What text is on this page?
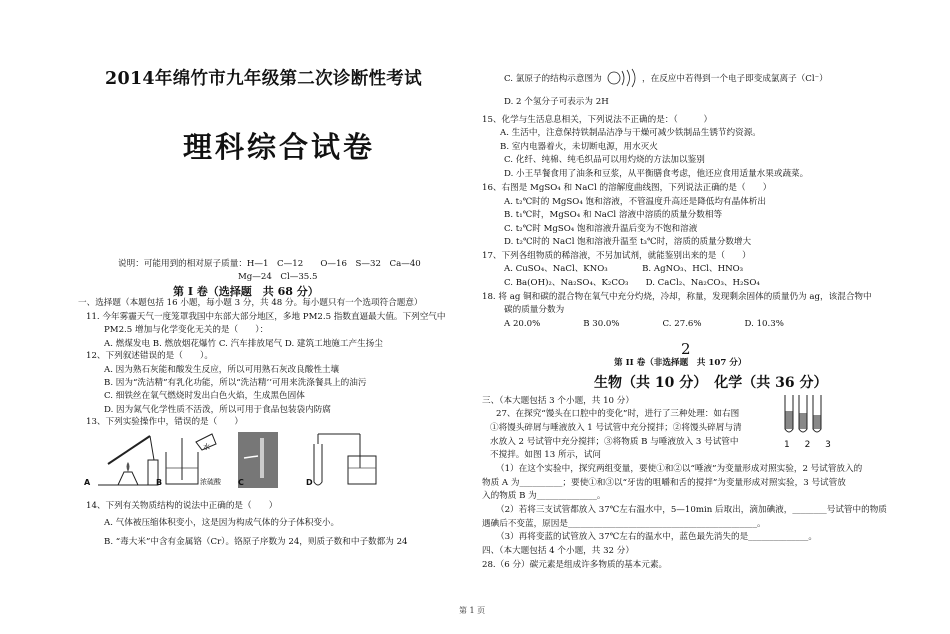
2014年绵竹市九年级第二次诊断性考试
理科综合试卷
说明：可能用到的相对原子质量：H—1　C—12　　O—16　S—32　Ca—40
Mg—24　Cl—35.5
第 I 卷（选择题　共 68 分）
一、选择题（本题包括 16 小题，每小题 3 分，共 48 分。每小题只有一个选项符合题意）
11. 今年雾霾天气一度笼罩我国中东部大部分地区，多地 PM2.5 指数直逼最大值。下列空气中
PM2.5 增加与化学变化无关的是（　　）：
A. 燃煤发电 B. 燃放烟花爆竹 C. 汽车排放尾气 D. 建筑工地施工产生扬尘
12、下列叙述错误的是（　　）。
A. 因为熟石灰能和酸发生反应，所以可用熟石灰改良酸性土壤
B. 因为“洗洁精”有乳化功能，所以“洗洁精’’可用来洗涤餐具上的油污
C. 细铁丝在氧气燃烧时发出白色火焰，生成黑色固体
D. 因为氮气化学性质不活泼，所以可用于食品包装袋内防腐
13、下列实验操作中，错误的是（　　）
A	B
水
浓硫酸 C	D
14、下列有关物质结构的说法中正确的是（　　）
A. 气体被压缩体积变小，这是因为构成气体的分子体积变小。
B. “毒大米”中含有金属铬（Cr）。铬原子序数为 24，则质子数和中子数都为 24
C. 氯原子的结构示意图为	，在反应中若得到一个电子即变成氯离子（Cl⁻）
D. 2 个氢分子可表示为 2H
15、化学与生活息息相关，下列说法不正确的是：（　　　）
A. 生活中，注意保持铁制品洁净与干燥可减少铁制品生锈节约资源。
B. 室内电器着火，未切断电源，用水灭火
C. 化纤、纯棉、纯毛织品可以用灼烧的方法加以鉴别
D. 小王早餐食用了油条和豆浆，从平衡膳食考虑，他还应食用适量水果或蔬菜。
16、右图是 MgSO₄ 和 NaCl 的溶解度曲线图，下列说法正确的是（　　）
A. t₂℃时的 MgSO₄ 饱和溶液，不管温度升高还是降低均有晶体析出
B. t₁℃时，MgSO₄ 和 NaCl 溶液中溶质的质量分数相等
C. t₂℃时 MgSO₄ 饱和溶液升温后变为不饱和溶液
D. t₂℃时的 NaCl 饱和溶液升温至 t₃℃时，溶质的质量分数增大
17、下列各组物质的稀溶液，不另加试剂，就能鉴别出来的是（　　）
A. CuSO₄、NaCl、KNO₃　　　　B. AgNO₃、HCl、HNO₃
C. Ba(OH)₂、Na₂SO₄、K₂CO₃　　D. CaCl₂、Na₂CO₃、H₂SO₄
18. 将 ag 铜和碳的混合物在氧气中充分灼烧，冷却，称量，发现剩余固体的质量仍为 ag，该混合物中
碳的质量分数为
A 20.0%　　　　　B 30.0%　　　　　C. 27.6%　　　　　D. 10.3%
2
第 II 卷（非选择题　共 107 分）
生物（共 10 分）　化学（共 36 分）
三、（本大题包括 3 个小题，共 10 分）
27、在探究“馒头在口腔中的变化”时，进行了三种处理：如右图
①将馒头碎屑与唾液放入 1 号试管中充分搅拌；②将馒头碎屑与清
水放入 2 号试管中充分搅拌；③将物质 B 与唾液放入 3 号试管中
不搅拌。如图 13 所示，试问
1 2 3
（1）在这个实验中，探究两组变量，要使①和②以“唾液”为变量形成对照实验，2 号试管放入的
物质 A 为__________；要使①和③以“牙齿的咀嚼和舌的搅拌”为变量形成对照实验，3 号试管放
入的物质 B 为______________。
（2）若将三支试管都放入 37℃左右温水中，5—10min 后取出，滴加碘液，________号试管中的物质
遇碘后不变蓝，原因是____________________________________________。
（3）再将变蓝的试管放入 37℃左右的温水中，蓝色最先消失的是______________。
四、（本大题包括 4 个小题，共 32 分）
28.（6 分）碳元素是组成许多物质的基本元素。
第 1 页
